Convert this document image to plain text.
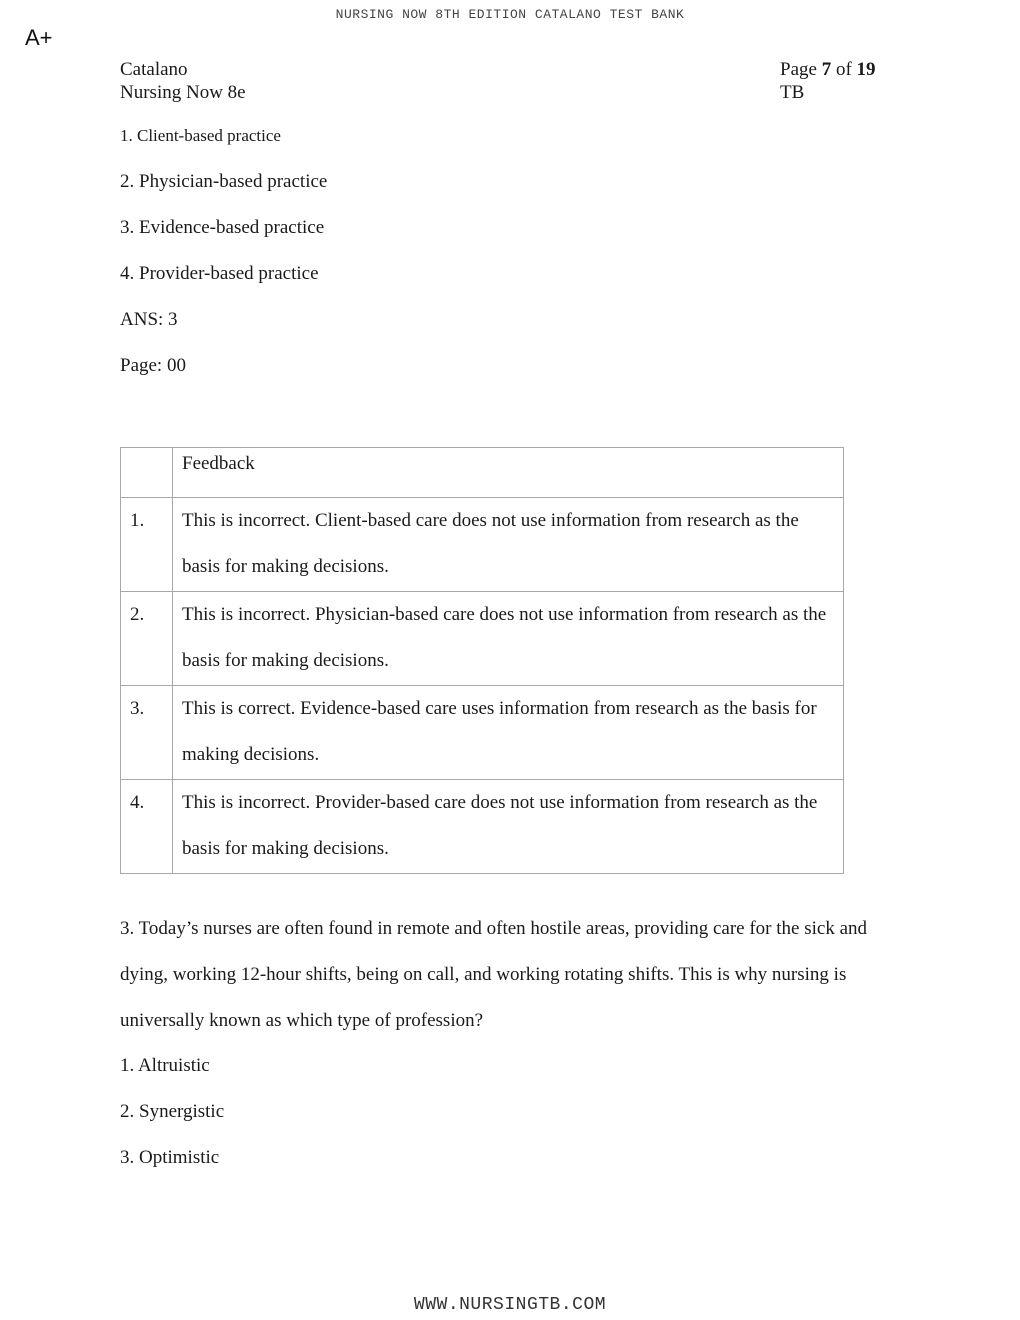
NURSING NOW 8TH EDITION CATALANO TEST BANK
A+
Catalano
Nursing Now 8e
Page 7 of 19
TB
1. Client-based practice
2. Physician-based practice
3. Evidence-based practice
4. Provider-based practice
ANS: 3
Page: 00
	Feedback
1.	This is incorrect. Client-based care does not use information from research as the basis for making decisions.
2.	This is incorrect. Physician-based care does not use information from research as the basis for making decisions.
3.	This is correct. Evidence-based care uses information from research as the basis for making decisions.
4.	This is incorrect. Provider-based care does not use information from research as the basis for making decisions.
3. Today’s nurses are often found in remote and often hostile areas, providing care for the sick and dying, working 12-hour shifts, being on call, and working rotating shifts. This is why nursing is universally known as which type of profession?
1. Altruistic
2. Synergistic
3. Optimistic
WWW.NURSINGTB.COM
